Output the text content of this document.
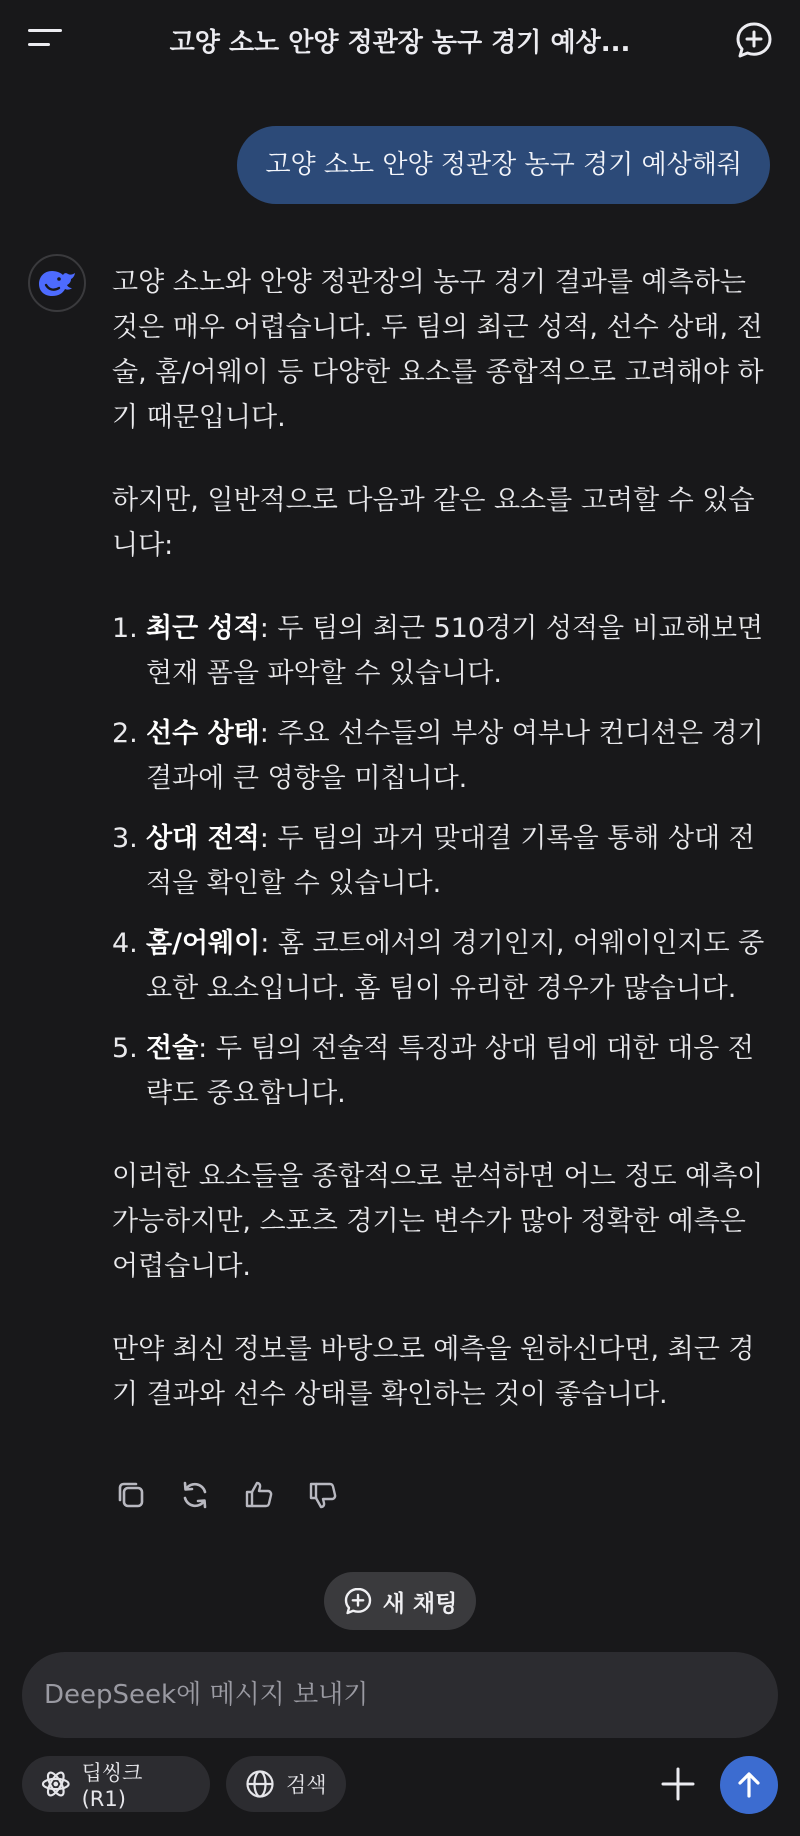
고양 소노 안양 정관장 농구 경기 예상...
고양 소노 안양 정관장 농구 경기 예상해줘

고양 소노와 안양 정관장의 농구 경기 결과를 예측하는 것은 매우 어렵습니다. 두 팀의 최근 성적, 선수 상태, 전술, 홈/어웨이 등 다양한 요소를 종합적으로 고려해야 하기 때문입니다.

하지만, 일반적으로 다음과 같은 요소를 고려할 수 있습니다:

1. 최근 성적: 두 팀의 최근 510경기 성적을 비교해보면 현재 폼을 파악할 수 있습니다.
2. 선수 상태: 주요 선수들의 부상 여부나 컨디션은 경기 결과에 큰 영향을 미칩니다.
3. 상대 전적: 두 팀의 과거 맞대결 기록을 통해 상대 전적을 확인할 수 있습니다.
4. 홈/어웨이: 홈 코트에서의 경기인지, 어웨이인지도 중요한 요소입니다. 홈 팀이 유리한 경우가 많습니다.
5. 전술: 두 팀의 전술적 특징과 상대 팀에 대한 대응 전략도 중요합니다.

이러한 요소들을 종합적으로 분석하면 어느 정도 예측이 가능하지만, 스포츠 경기는 변수가 많아 정확한 예측은 어렵습니다.

만약 최신 정보를 바탕으로 예측을 원하신다면, 최근 경기 결과와 선수 상태를 확인하는 것이 좋습니다.

새 채팅
DeepSeek에 메시지 보내기
딥씽크 (R1)
검색
